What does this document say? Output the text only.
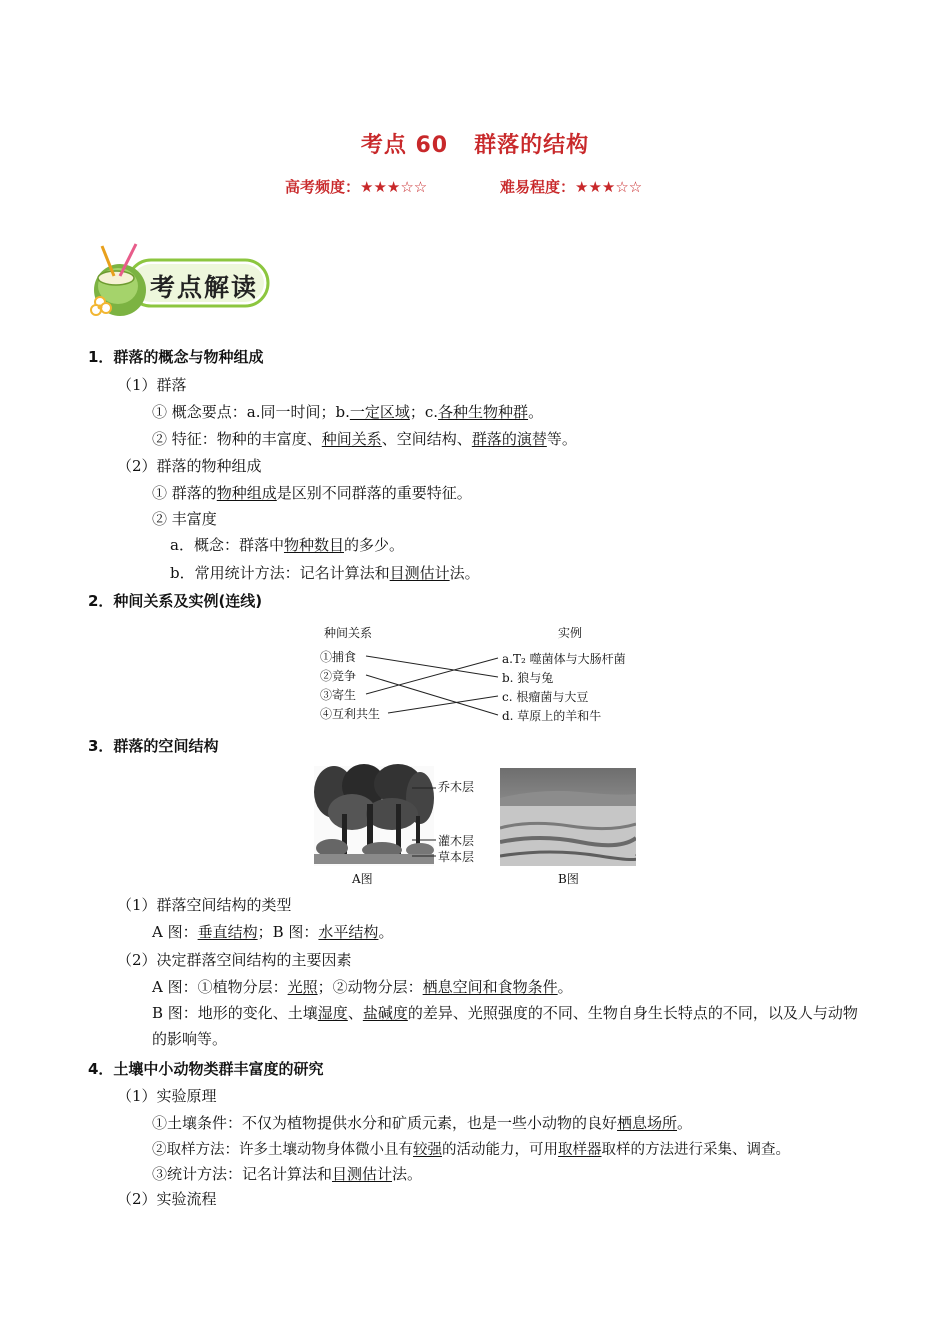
考点 60 群落的结构
高考频度：★★★☆☆	难易程度：★★★☆☆
考点解读
1．群落的概念与物种组成
（1）群落
① 概念要点：a.同一时间；b.一定区域；c.各种生物种群。
② 特征：物种的丰富度、种间关系、空间结构、群落的演替等。
（2）群落的物种组成
① 群落的物种组成是区别不同群落的重要特征。
② 丰富度
a．概念：群落中物种数目的多少。
b．常用统计方法：记名计算法和目测估计法。
2．种间关系及实例(连线)
种间关系	实例
①捕食
②竞争
③寄生
④互利共生
a.T₂ 噬菌体与大肠杆菌
b. 狼与兔
c. 根瘤菌与大豆
d. 草原上的羊和牛
3．群落的空间结构
乔木层
灌木层
草本层
A图	B图
（1）群落空间结构的类型
A 图：垂直结构；B 图：水平结构。
（2）决定群落空间结构的主要因素
A 图：①植物分层：光照；②动物分层：栖息空间和食物条件。
B 图：地形的变化、土壤湿度、盐碱度的差异、光照强度的不同、生物自身生长特点的不同，以及人与动物的影响等。
4．土壤中小动物类群丰富度的研究
（1）实验原理
①土壤条件：不仅为植物提供水分和矿质元素，也是一些小动物的良好栖息场所。
②取样方法：许多土壤动物身体微小且有较强的活动能力，可用取样器取样的方法进行采集、调查。
③统计方法：记名计算法和目测估计法。
（2）实验流程
